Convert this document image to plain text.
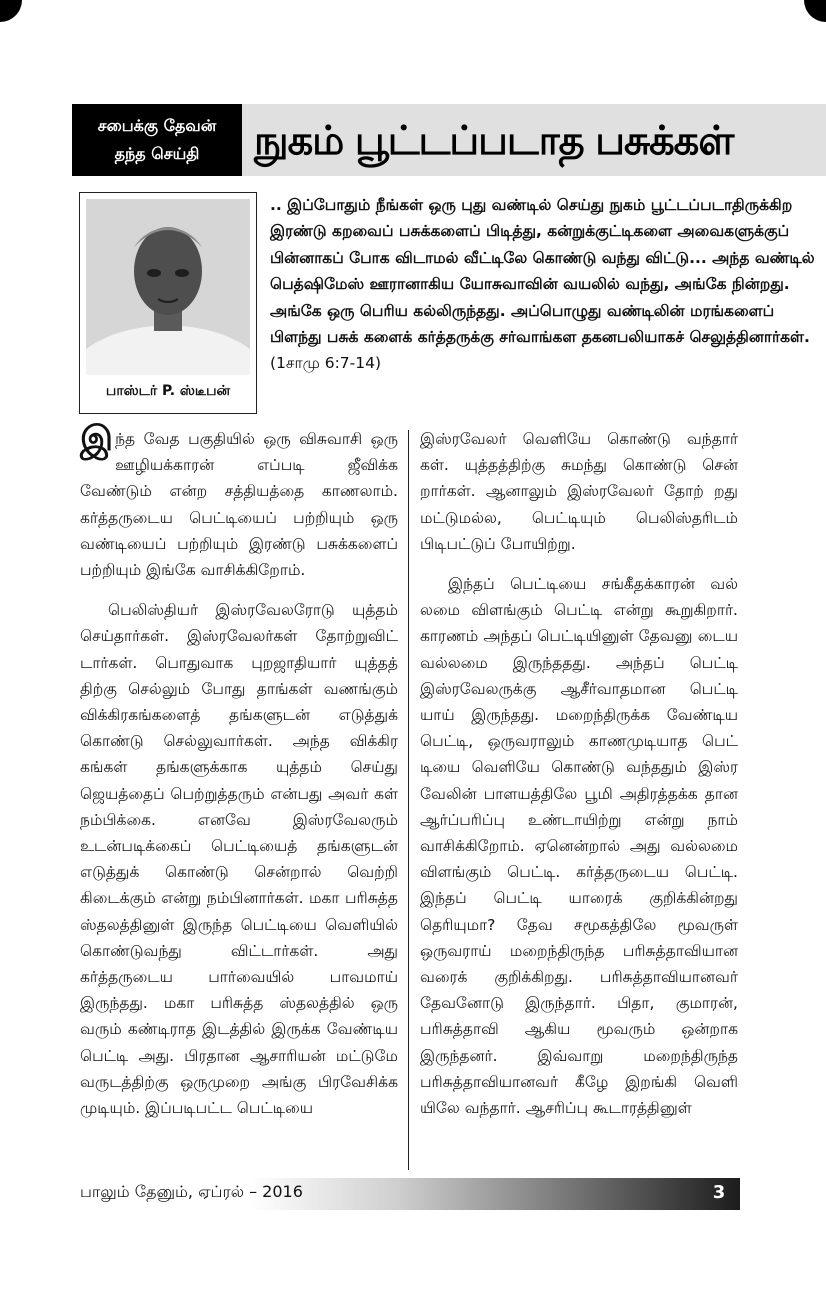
சபைக்கு தேவன்
தந்த செய்தி	நுகம் பூட்டப்படாத பசுக்கள்
பாஸ்டர் P. ஸ்டீபன்
.. இப்போதும் நீங்கள் ஒரு புது வண்டில் செய்து நுகம் பூட்டப்படாதிருக்கிற இரண்டு கறவைப் பசுக்களைப் பிடித்து, கன்றுக்குட்டிகளை அவைகளுக்குப் பின்னாகப் போக விடாமல் வீட்டிலே கொண்டு வந்து விட்டு... அந்த வண்டில் பெத்ஷிமேஸ் ஊரானாகிய யோசுவாவின் வயலில் வந்து, அங்கே நின்றது. அங்கே ஒரு பெரிய கல்லிருந்தது. அப்பொழுது வண்டிலின் மரங்களைப் பிளந்து பசுக் களைக் கர்த்தருக்கு சர்வாங்கள தகனபலியாகச் செலுத்தினார்கள். (1சாமு 6:7-14)

இந்த வேத பகுதியில் ஒரு விசுவாசி ஒரு ஊழியக்காரன் எப்படி ஜீவிக்க வேண்டும் என்ற சத்தியத்தை காணலாம். கர்த்தருடைய பெட்டியைப் பற்றியும் ஒரு வண்டியைப் பற்றியும் இரண்டு பசுக்களைப் பற்றியும் இங்கே வாசிக்கிறோம்.

பெலிஸ்தியர் இஸ்ரவேலரோடு யுத்தம் செய்தார்கள். இஸ்ரவேலர்கள் தோற்றுவிட் டார்கள். பொதுவாக புறஜாதியார் யுத்தத் திற்கு செல்லும் போது தாங்கள் வணங்கும் விக்கிரகங்களைத் தங்களுடன் எடுத்துக் கொண்டு செல்லுவார்கள். அந்த விக்கிர கங்கள் தங்களுக்காக யுத்தம் செய்து ஜெயத்தைப் பெற்றுத்தரும் என்பது அவர் கள் நம்பிக்கை. எனவே இஸ்ரவேலரும் உடன்படிக்கைப் பெட்டியைத் தங்களுடன் எடுத்துக் கொண்டு சென்றால் வெற்றி கிடைக்கும் என்று நம்பினார்கள். மகா பரிசுத்த ஸ்தலத்தினுள் இருந்த பெட்டியை வெளியில் கொண்டுவந்து விட்டார்கள். அது கர்த்தருடைய பார்வையில் பாவமாய் இருந்தது. மகா பரிசுத்த ஸ்தலத்தில் ஒரு வரும் கண்டிராத இடத்தில் இருக்க வேண்டிய பெட்டி அது. பிரதான ஆசாரியன் மட்டுமே வருடத்திற்கு ஒருமுறை அங்கு பிரவேசிக்க முடியும். இப்படிபட்ட பெட்டியை

இஸ்ரவேலர் வெளியே கொண்டு வந்தார் கள். யுத்தத்திற்கு சுமந்து கொண்டு சென் றார்கள். ஆனாலும் இஸ்ரவேலர் தோற் றது மட்டுமல்ல, பெட்டியும் பெலிஸ்தரிடம் பிடிபட்டுப் போயிற்று.

இந்தப் பெட்டியை சங்கீதக்காரன் வல் லமை விளங்கும் பெட்டி என்று கூறுகிறார். காரணம் அந்தப் பெட்டியினுள் தேவனு டைய வல்லமை இருந்ததது. அந்தப் பெட்டி இஸ்ரவேலருக்கு ஆசீர்வாதமான பெட்டி யாய் இருந்தது. மறைந்திருக்க வேண்டிய பெட்டி, ஒருவராலும் காணமுடியாத பெட் டியை வெளியே கொண்டு வந்ததும் இஸ்ர வேலின் பாளயத்திலே பூமி அதிரத்தக்க தான ஆர்ப்பரிப்பு உண்டாயிற்று என்று நாம் வாசிக்கிறோம். ஏனென்றால் அது வல்லமை விளங்கும் பெட்டி. கர்த்தருடைய பெட்டி. இந்தப் பெட்டி யாரைக் குறிக்கின்றது தெரியுமா? தேவ சமூகத்திலே மூவருள் ஒருவராய் மறைந்திருந்த பரிசுத்தாவியான வரைக் குறிக்கிறது. பரிசுத்தாவியானவர் தேவனோடு இருந்தார். பிதா, குமாரன், பரிசுத்தாவி ஆகிய மூவரும் ஒன்றாக இருந்தனர். இவ்வாறு மறைந்திருந்த பரிசுத்தாவியானவர் கீழே இறங்கி வெளி யிலே வந்தார். ஆசரிப்பு கூடாரத்தினுள்

பாலும் தேனும், ஏப்ரல் – 2016	3
